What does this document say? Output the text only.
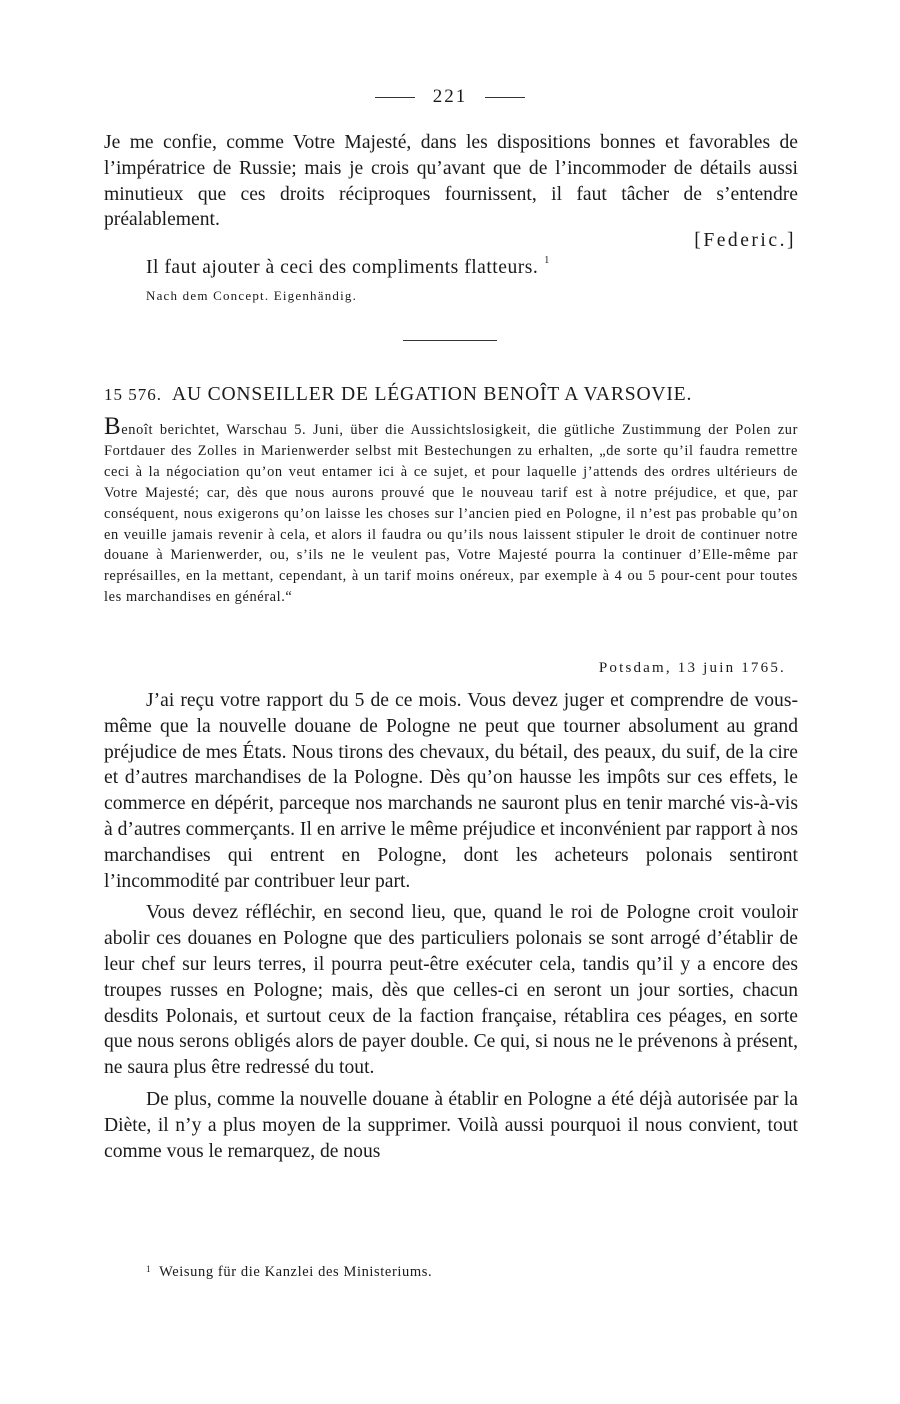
221

Je me confie, comme Votre Majesté, dans les dispositions bonnes et favorables de l’impératrice de Russie; mais je crois qu’avant que de l’incommoder de détails aussi minutieux que ces droits réciproques fournissent, il faut tâcher de s’entendre préalablement.

[Federic.]
Il faut ajouter à ceci des compliments flatteurs. $^1$
Nach dem Concept. Eigenhändig.
15 576. AU CONSEILLER DE LÉGATION BENOÎT A VARSOVIE.
Benoît berichtet, Warschau 5. Juni, über die Aussichtslosigkeit, die gütliche Zustimmung der Polen zur Fortdauer des Zolles in Marienwerder selbst mit Bestechungen zu erhalten, „de sorte qu’il faudra remettre ceci à la négociation qu’on veut entamer ici à ce sujet, et pour laquelle j’attends des ordres ultérieurs de Votre Majesté; car, dès que nous aurons prouvé que le nouveau tarif est à notre préjudice, et que, par conséquent, nous exigerons qu’on laisse les choses sur l’ancien pied en Pologne, il n’est pas probable qu’on en veuille jamais revenir à cela, et alors il faudra ou qu’ils nous laissent stipuler le droit de continuer notre douane à Marienwerder, ou, s’ils ne le veulent pas, Votre Majesté pourra la continuer d’Elle-même par représailles, en la mettant, cependant, à un tarif moins onéreux, par exemple à 4 ou 5 pour-cent pour toutes les marchandises en général.“
Potsdam, 13 juin 1765.

J’ai reçu votre rapport du 5 de ce mois. Vous devez juger et comprendre de vous-même que la nouvelle douane de Pologne ne peut que tourner absolument au grand préjudice de mes États. Nous tirons des chevaux, du bétail, des peaux, du suif, de la cire et d’autres marchandises de la Pologne. Dès qu’on hausse les impôts sur ces effets, le commerce en dépérit, parceque nos marchands ne sauront plus en tenir marché vis-à-vis à d’autres commerçants. Il en arrive le même préjudice et inconvénient par rapport à nos marchandises qui entrent en Pologne, dont les acheteurs polonais sentiront l’incommodité par contribuer leur part.

Vous devez réfléchir, en second lieu, que, quand le roi de Pologne croit vouloir abolir ces douanes en Pologne que des particuliers polonais se sont arrogé d’établir de leur chef sur leurs terres, il pourra peut-être exécuter cela, tandis qu’il y a encore des troupes russes en Pologne; mais, dès que celles-ci en seront un jour sorties, chacun desdits Polonais, et surtout ceux de la faction française, rétablira ces péages, en sorte que nous serons obligés alors de payer double. Ce qui, si nous ne le prévenons à présent, ne saura plus être redressé du tout.

De plus, comme la nouvelle douane à établir en Pologne a été déjà autorisée par la Diète, il n’y a plus moyen de la supprimer. Voilà aussi pourquoi il nous convient, tout comme vous le remarquez, de nous

$^1$ Weisung für die Kanzlei des Ministeriums.
